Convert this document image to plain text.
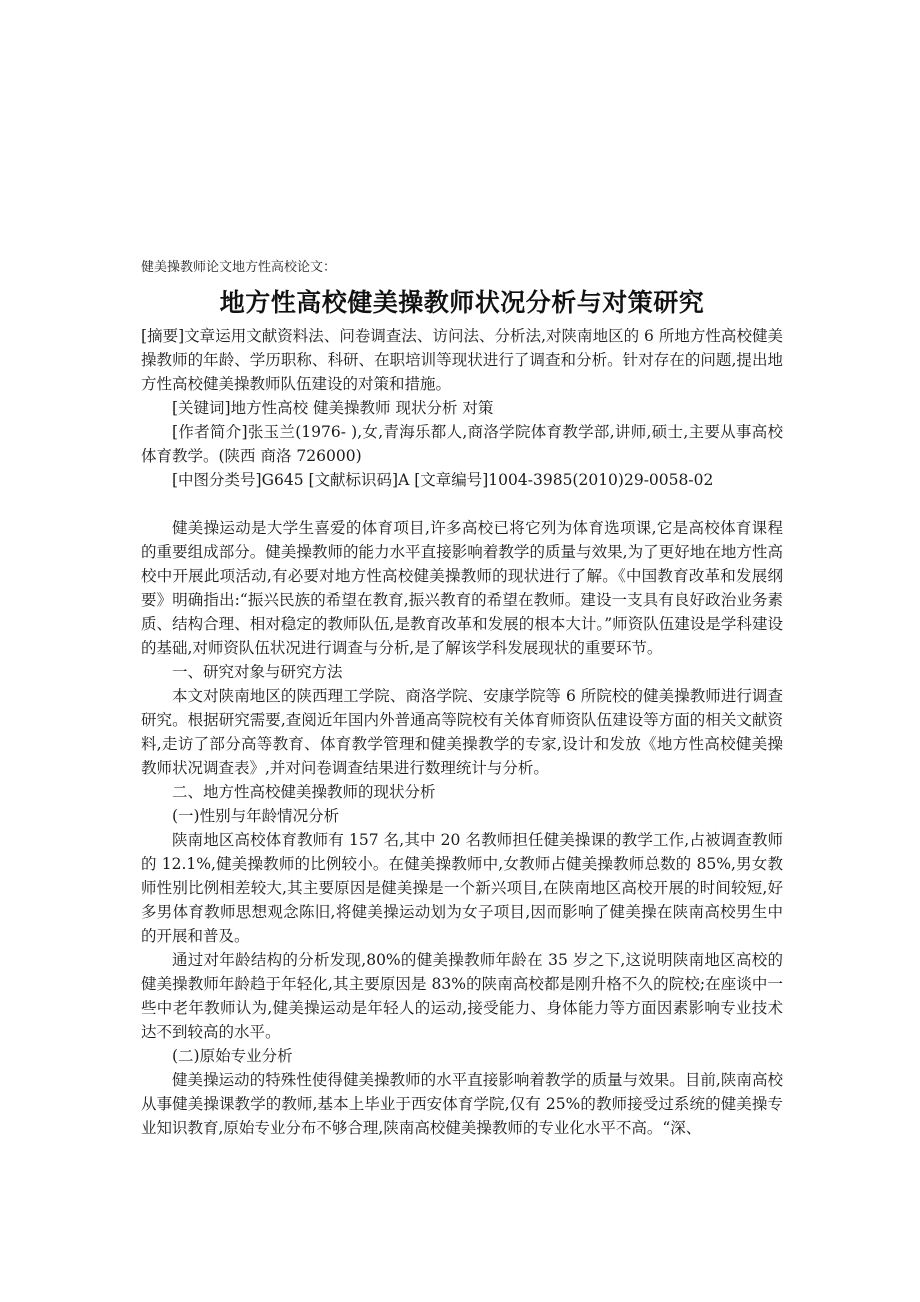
健美操教师论文地方性高校论文：

地方性高校健美操教师状况分析与对策研究

[摘要]文章运用文献资料法、问卷调查法、访问法、分析法,对陕南地区的 6 所地方性高校健美操教师的年龄、学历职称、科研、在职培训等现状进行了调查和分析。针对存在的问题,提出地方性高校健美操教师队伍建设的对策和措施。

[关键词]地方性高校 健美操教师 现状分析 对策

[作者简介]张玉兰(1976- ),女,青海乐都人,商洛学院体育教学部,讲师,硕士,主要从事高校体育教学。(陕西 商洛 726000)

[中图分类号]G645 [文献标识码]A [文章编号]1004-3985(2010)29-0058-02

健美操运动是大学生喜爱的体育项目,许多高校已将它列为体育选项课,它是高校体育课程的重要组成部分。健美操教师的能力水平直接影响着教学的质量与效果,为了更好地在地方性高校中开展此项活动,有必要对地方性高校健美操教师的现状进行了解。《中国教育改革和发展纲要》明确指出:“振兴民族的希望在教育,振兴教育的希望在教师。建设一支具有良好政治业务素质、结构合理、相对稳定的教师队伍,是教育改革和发展的根本大计。”师资队伍建设是学科建设的基础,对师资队伍状况进行调查与分析,是了解该学科发展现状的重要环节。

一、研究对象与研究方法

本文对陕南地区的陕西理工学院、商洛学院、安康学院等 6 所院校的健美操教师进行调查研究。根据研究需要,查阅近年国内外普通高等院校有关体育师资队伍建设等方面的相关文献资料,走访了部分高等教育、体育教学管理和健美操教学的专家,设计和发放《地方性高校健美操教师状况调查表》,并对问卷调查结果进行数理统计与分析。

二、地方性高校健美操教师的现状分析

(一)性别与年龄情况分析

陕南地区高校体育教师有 157 名,其中 20 名教师担任健美操课的教学工作,占被调查教师的 12.1%,健美操教师的比例较小。在健美操教师中,女教师占健美操教师总数的 85%,男女教师性别比例相差较大,其主要原因是健美操是一个新兴项目,在陕南地区高校开展的时间较短,好多男体育教师思想观念陈旧,将健美操运动划为女子项目,因而影响了健美操在陕南高校男生中的开展和普及。

通过对年龄结构的分析发现,80%的健美操教师年龄在 35 岁之下,这说明陕南地区高校的健美操教师年龄趋于年轻化,其主要原因是 83%的陕南高校都是刚升格不久的院校;在座谈中一些中老年教师认为,健美操运动是年轻人的运动,接受能力、身体能力等方面因素影响专业技术达不到较高的水平。

(二)原始专业分析

健美操运动的特殊性使得健美操教师的水平直接影响着教学的质量与效果。目前,陕南高校从事健美操课教学的教师,基本上毕业于西安体育学院,仅有 25%的教师接受过系统的健美操专业知识教育,原始专业分布不够合理,陕南高校健美操教师的专业化水平不高。“深、
